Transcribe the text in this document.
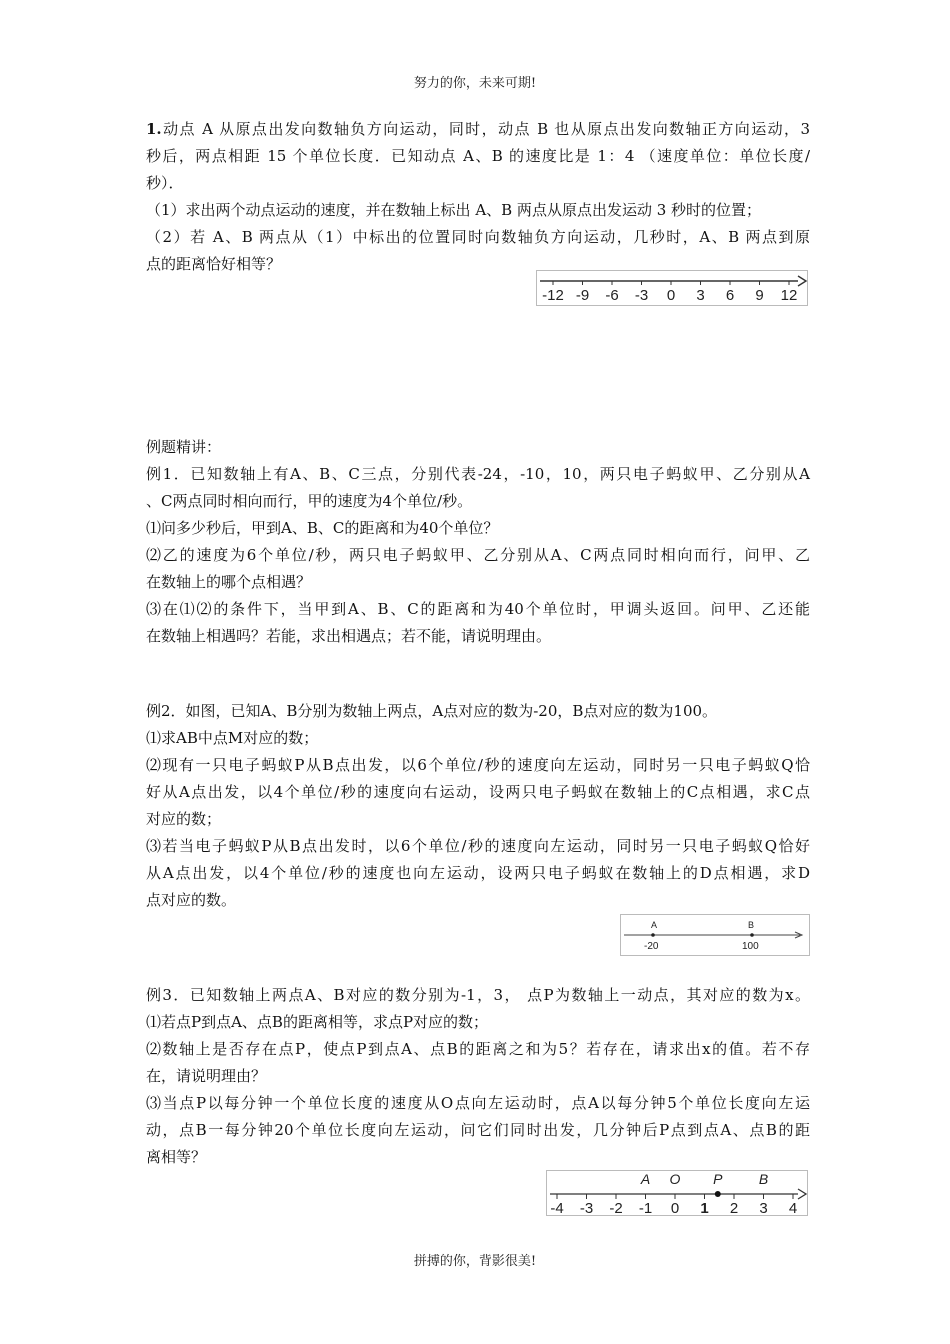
努力的你，未来可期!
1.动点 A 从原点出发向数轴负方向运动，同时，动点 B 也从原点出发向数轴正方向运动，3
秒后，两点相距 15 个单位长度．已知动点 A、B 的速度比是 1：4 （速度单位：单位长度/
秒）．
（1）求出两个动点运动的速度，并在数轴上标出 A、B 两点从原点出发运动 3 秒时的位置；
（2）若 A、B 两点从（1）中标出的位置同时向数轴负方向运动，几秒时，A、B 两点到原
点的距离恰好相等？
-12 -9 -6 -3 0 3 6 9 12
例题精讲：
例1．已知数轴上有A、B、C三点，分别代表-24，-10，10，两只电子蚂蚁甲、乙分别从A
、C两点同时相向而行，甲的速度为4个单位/秒。
⑴问多少秒后，甲到A、B、C的距离和为40个单位？
⑵乙的速度为6个单位/秒，两只电子蚂蚁甲、乙分别从A、C两点同时相向而行，问甲、乙
在数轴上的哪个点相遇？
⑶在⑴⑵的条件下，当甲到A、B、C的距离和为40个单位时，甲调头返回。问甲、乙还能
在数轴上相遇吗？若能，求出相遇点；若不能，请说明理由。
例2．如图，已知A、B分别为数轴上两点，A点对应的数为-20，B点对应的数为100。
⑴求AB中点M对应的数；
⑵现有一只电子蚂蚁P从B点出发，以6个单位/秒的速度向左运动，同时另一只电子蚂蚁Q恰
好从A点出发，以4个单位/秒的速度向右运动，设两只电子蚂蚁在数轴上的C点相遇，求C点
对应的数；
⑶若当电子蚂蚁P从B点出发时，以6个单位/秒的速度向左运动，同时另一只电子蚂蚁Q恰好
从A点出发，以4个单位/秒的速度也向左运动，设两只电子蚂蚁在数轴上的D点相遇，求D
点对应的数。
A	B
-20	100
例3．已知数轴上两点A、B对应的数分别为-1，3， 点P为数轴上一动点，其对应的数为x。
⑴若点P到点A、点B的距离相等，求点P对应的数；
⑵数轴上是否存在点P，使点P到点A、点B的距离之和为5？若存在，请求出x的值。若不存
在，请说明理由？
⑶当点P以每分钟一个单位长度的速度从O点向左运动时，点A以每分钟5个单位长度向左运
动，点B一每分钟20个单位长度向左运动，问它们同时出发，几分钟后P点到点A、点B的距
离相等？
-4 -3 -2 -1 0 1 2 3 4
A O P	B
拼搏的你，背影很美!
